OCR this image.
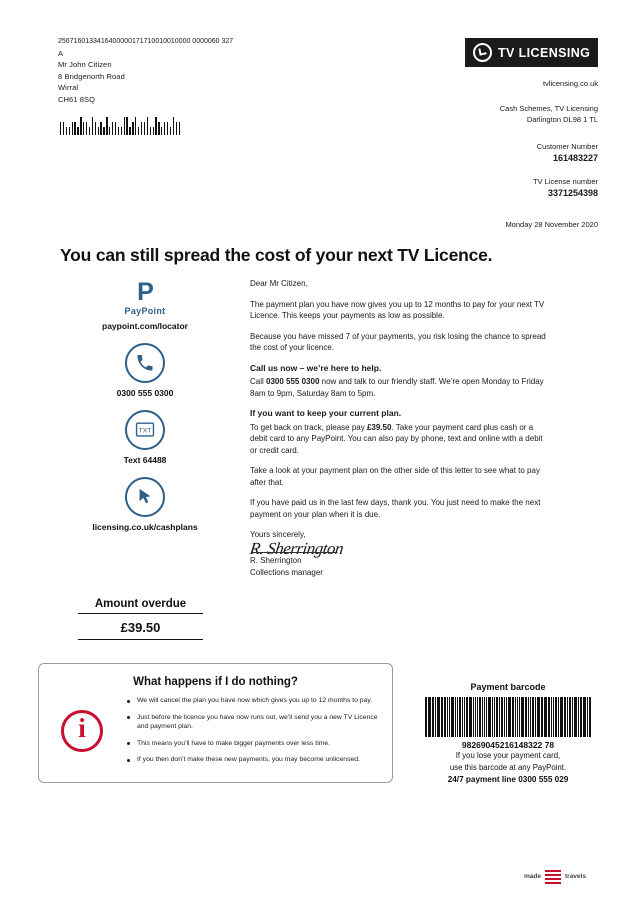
2567160133416400000171710010010000 0000060 327
A
Mr John Citizen
8 Bridgenorth Road
Wirral
CH61 8SQ
TV LICENSING
tvlicensing.co.uk
Cash Schemes, TV Licensing
Darlington DL98 1 TL
Customer Number
161483227
TV License number
3371254398
Monday 28 November 2020
You can still spread the cost of your next TV Licence.
P
PayPoint
paypoint.com/locator
0300 555 0300
TXT
Text 64488
licensing.co.uk/cashplans
Amount overdue
£39.50

Dear Mr Citizen,

The payment plan you have now gives you up to 12 months to pay for your next TV Licence. This keeps your payments as low as possible.

Because you have missed 7 of your payments, you risk losing the chance to spread the cost of your licence.

Call us now – we’re here to help.

Call 0300 555 0300 now and talk to our friendly staff. We’re open Monday to Friday 8am to 9pm, Saturday 8am to 5pm.

If you want to keep your current plan.

To get back on track, please pay £39.50. Take your payment card plus cash or a debit card to any PayPoint. You can also pay by phone, text and online with a debit or credit card.

Take a look at your payment plan on the other side of this letter to see what to pay after that.

If you have paid us in the last few days, thank you. You just need to make the next payment on your plan when it is due.

Yours sincerely,

R. Sherrington
R. Sherrington
Collections manager
What happens if I do nothing?
i
We will cancel the plan you have now which gives you up to 12 months to pay.
Just before the licence you have now runs out, we’ll send you a new TV Licence and payment plan.
This means you’ll have to make bigger payments over less time.
If you then don’t make these new payments, you may become unlicensed.
Payment barcode
98269045216148322 78
If you lose your payment card,
use this barcode at any PayPoint.
24/7 payment line 0300 555 029
made	travels
